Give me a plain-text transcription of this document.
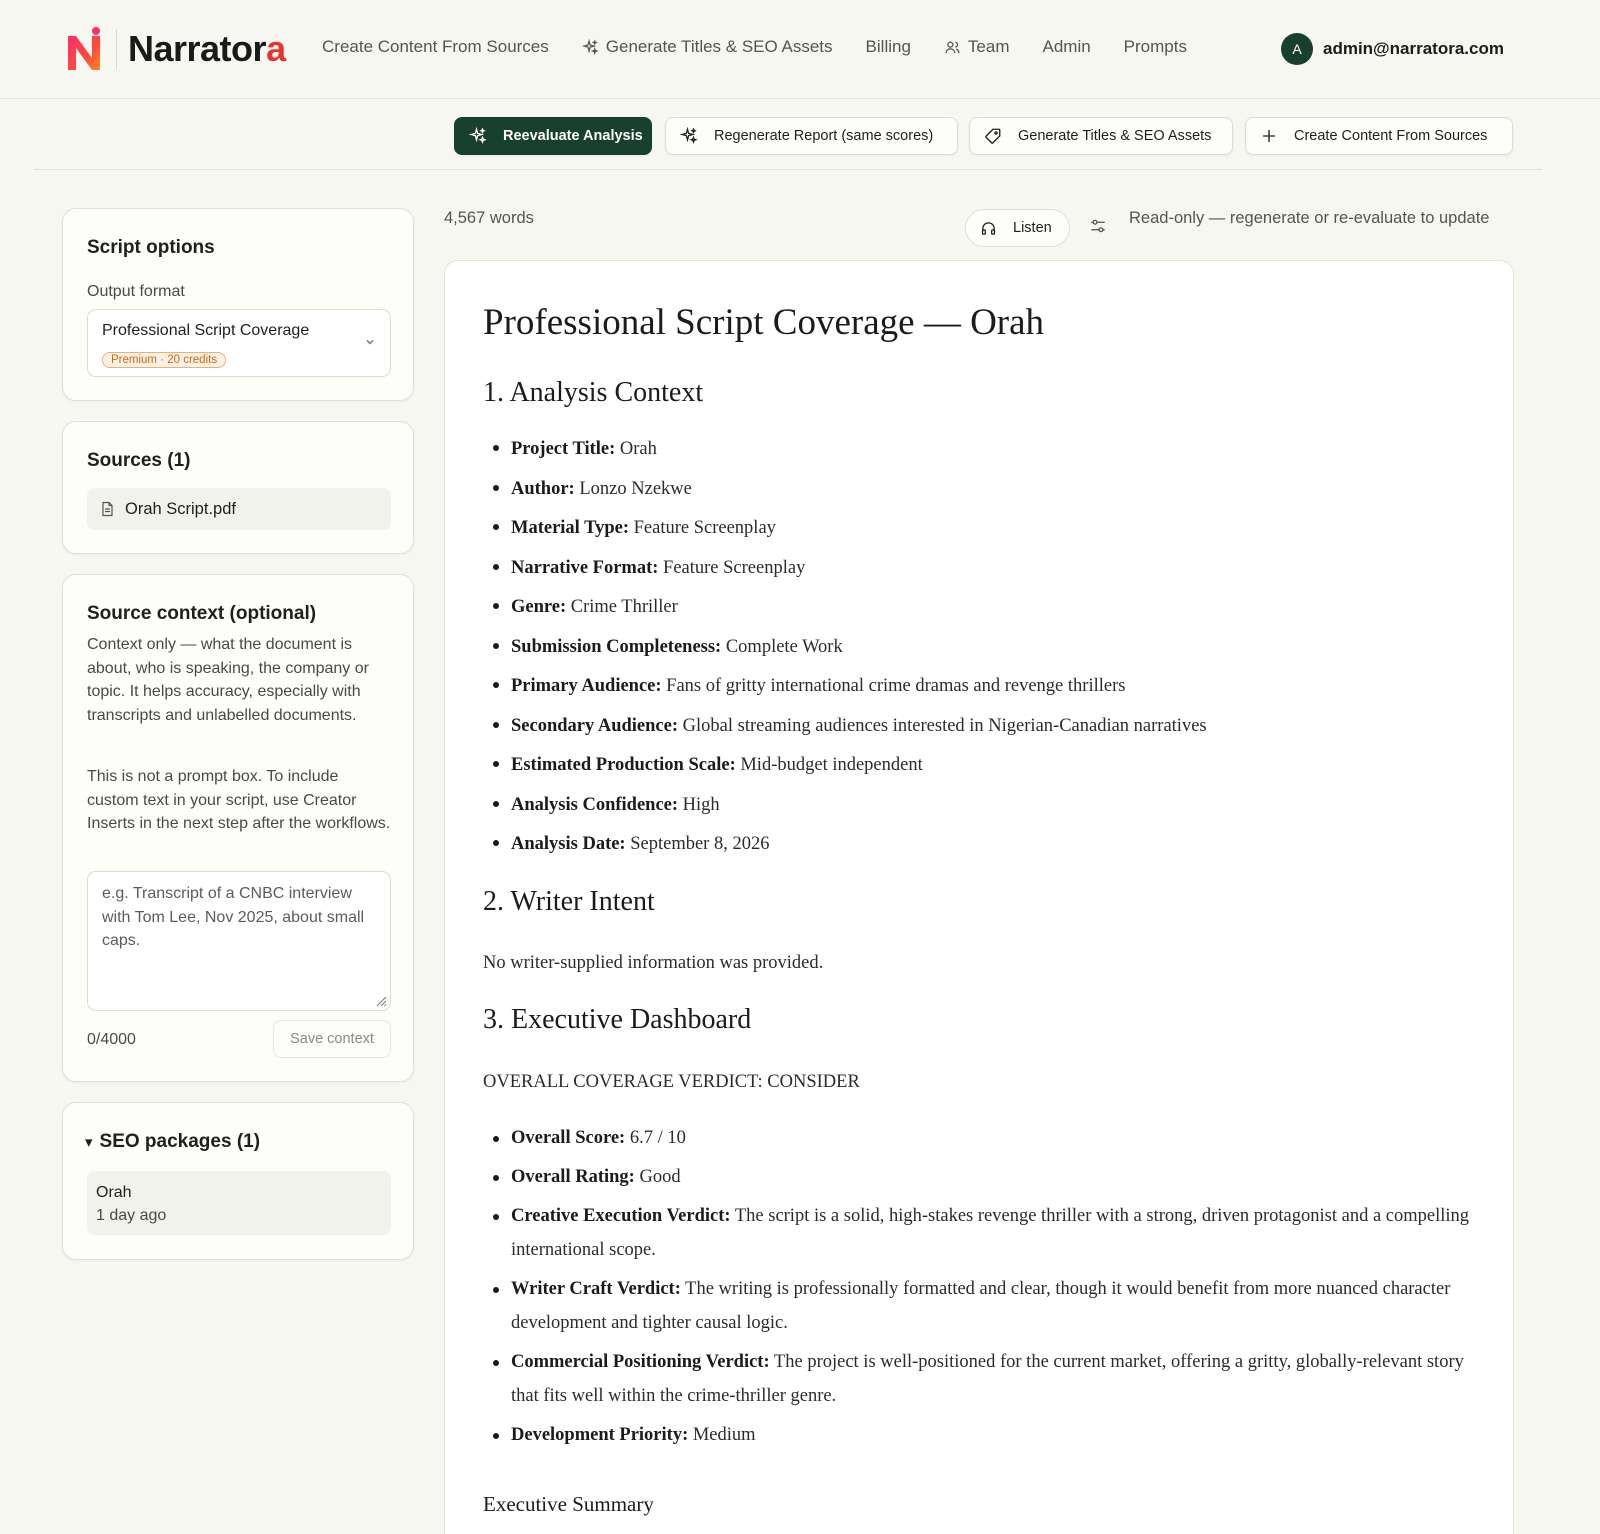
Narratora Create Content From Sources	Generate Titles & SEO Assets Billing	Team Admin Prompts	A	admin@narratora.com
Reevaluate Analysis	Regenerate Report (same scores)	Generate Titles & SEO Assets	Create Content From Sources
Script options
Output format
Professional Script Coverage
Premium · 20 credits
Sources (1)
Orah Script.pdf
Source context (optional)
Context only — what the document is about, who is speaking, the company or topic. It helps accuracy, especially with transcripts and unlabelled documents.
This is not a prompt box. To include custom text in your script, use Creator Inserts in the next step after the workflows.
e.g. Transcript of a CNBC interview with Tom Lee, Nov 2025, about small caps.
0/4000	Save context
▾ SEO packages (1)
Orah
1 day ago
4,567 words
Listen
Read-only — regenerate or re-evaluate to update
Professional Script Coverage — Orah
1. Analysis Context
Project Title: Orah
Author: Lonzo Nzekwe
Material Type: Feature Screenplay
Narrative Format: Feature Screenplay
Genre: Crime Thriller
Submission Completeness: Complete Work
Primary Audience: Fans of gritty international crime dramas and revenge thrillers
Secondary Audience: Global streaming audiences interested in Nigerian-Canadian narratives
Estimated Production Scale: Mid-budget independent
Analysis Confidence: High
Analysis Date: September 8, 2026
2. Writer Intent
No writer-supplied information was provided.
3. Executive Dashboard
OVERALL COVERAGE VERDICT: CONSIDER
Overall Score: 6.7 / 10
Overall Rating: Good
Creative Execution Verdict: The script is a solid, high-stakes revenge thriller with a strong, driven protagonist and a compelling international scope.
Writer Craft Verdict: The writing is professionally formatted and clear, though it would benefit from more nuanced character development and tighter causal logic.
Commercial Positioning Verdict: The project is well-positioned for the current market, offering a gritty, globally-relevant story that fits well within the crime-thriller genre.
Development Priority: Medium
Executive Summary
